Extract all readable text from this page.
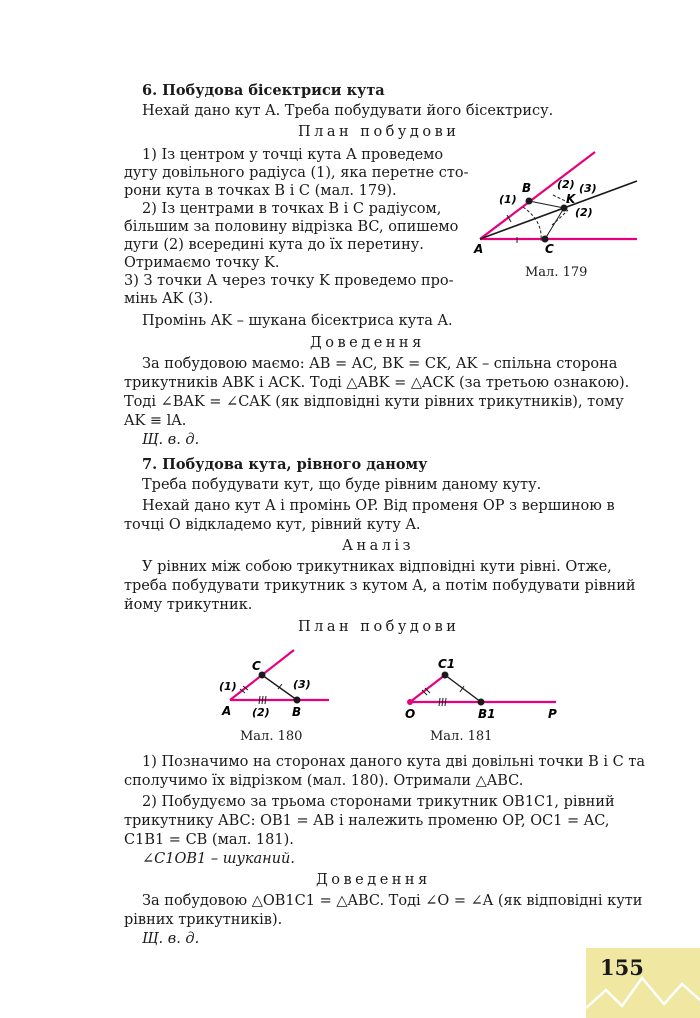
6. Побудова бісектриси кута
Нехай дано кут A. Треба побудувати його бісектрису.
План побудови
1) Із центром у точці кута A проведемо
дугу довільного радіуса (1), яка перетне сто-
рони кута в точках B і C (мал. 179).
2) Із центрами в точках B і C радіусом,
більшим за половину відрізка BC, опишемо
дуги (2) всередині кута до їх перетину.
Отримаємо точку K.
3) З точки A через точку K проведемо про-
мінь AK (3).
Промінь AK – шукана бісектриса кута A.
Доведення
За побудовою маємо: AB = AC, BK = CK, AK – спільна сторона
трикутників ABK і ACK. Тоді △ABK = △ACK (за третьою ознакою).
Тоді ∠BAK = ∠CAK (як відповідні кути рівних трикутників), тому
AK ≡ lA.
Щ. в. д.
B (2) (3)
(1)	K
(2)
A	C
Мал. 179
7. Побудова кута, рівного даному
Треба побудувати кут, що буде рівним даному куту.
Нехай дано кут A і промінь OP. Від променя OP з вершиною в
точці O відкладемо кут, рівний куту A.
Аналіз
У рівних між собою трикутниках відповідні кути рівні. Отже,
треба побудувати трикутник з кутом A, а потім побудувати рівний
йому трикутник.
План побудови
C
(1)	(3)
A (2) B
Мал. 180
C1
O	B1	P
Мал. 181
1) Позначимо на сторонах даного кута дві довільні точки B і C та
сполучимо їх відрізком (мал. 180). Отримали △ABC.
2) Побудуємо за трьома сторонами трикутник OB1C1, рівний
трикутнику ABC: OB1 = AB і належить променю OP, OC1 = AC,
C1B1 = CB (мал. 181).
∠C1OB1 – шуканий.
Доведення
За побудовою △OB1C1 = △ABC. Тоді ∠O = ∠A (як відповідні кути
рівних трикутників).
Щ. в. д.
155
